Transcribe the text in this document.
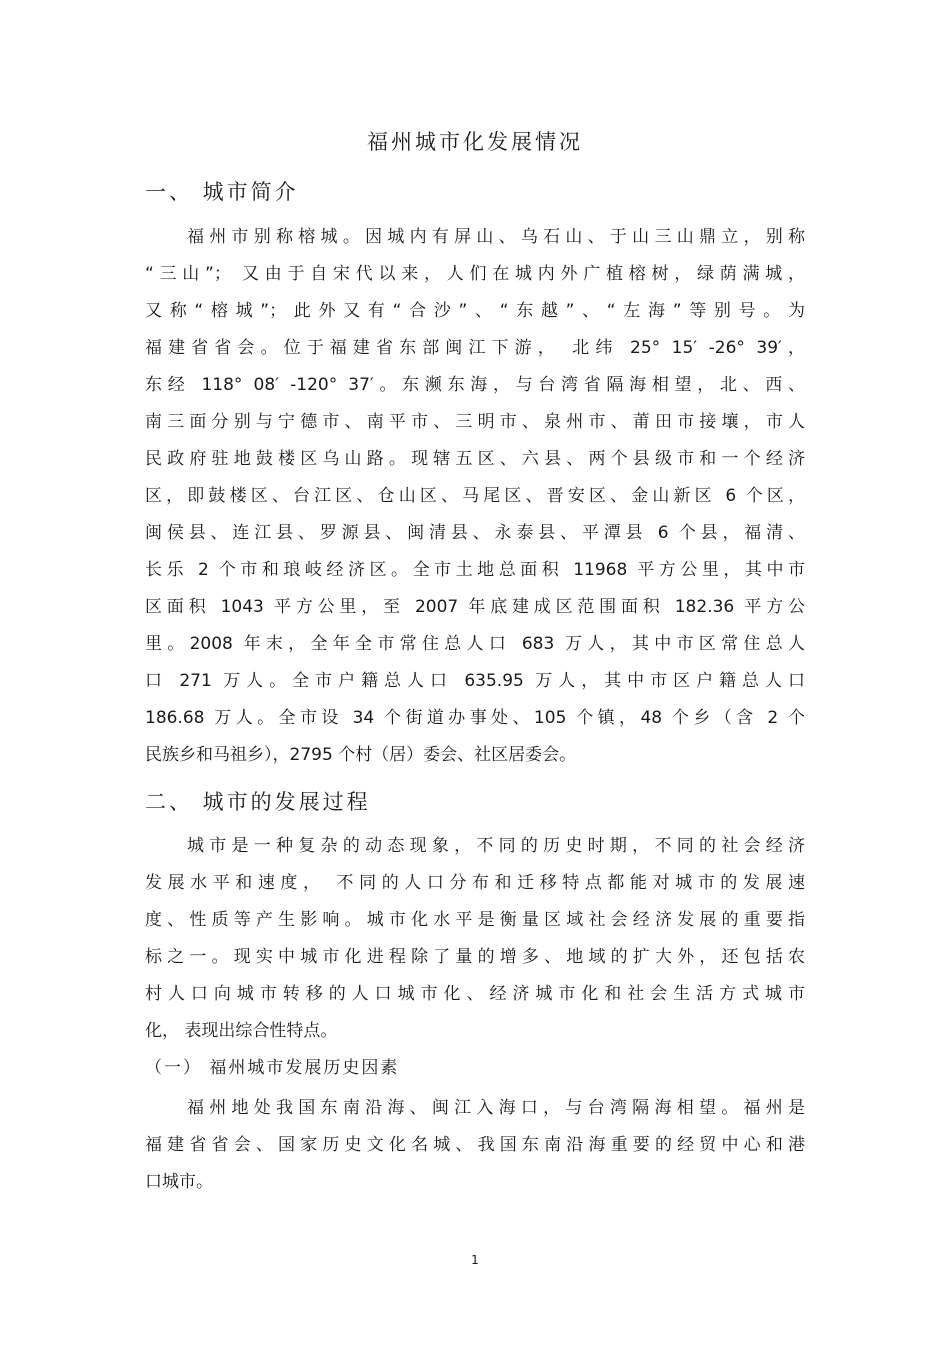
福州城市化发展情况
一、 城市简介
福州市别称榕城。因城内有屏山、乌石山、于山三山鼎立，别称
“三山”； 又由于自宋代以来，人们在城内外广植榕树，绿荫满城，
又称“榕城”；此外又有“合沙”、“东越”、“左海”等别号。为
福建省省会。位于福建省东部闽江下游， 北纬 25° 15′ -26° 39′，
东经 118° 08′ -120° 37′。东濒东海，与台湾省隔海相望，北、西、
南三面分别与宁德市、南平市、三明市、泉州市、莆田市接壤，市人
民政府驻地鼓楼区乌山路。现辖五区、六县、两个县级市和一个经济
区，即鼓楼区、台江区、仓山区、马尾区、晋安区、金山新区 6 个区，
闽侯县、连江县、罗源县、闽清县、永泰县、平潭县 6 个县，福清、
长乐 2 个市和琅岐经济区。全市土地总面积 11968 平方公里，其中市
区面积 1043 平方公里，至 2007 年底建成区范围面积 182.36 平方公
里。2008 年末，全年全市常住总人口 683 万人，其中市区常住总人
口 271 万人。全市户籍总人口 635.95 万人，其中市区户籍总人口
186.68 万人。全市设 34 个街道办事处、105 个镇，48 个乡（含 2 个
民族乡和马祖乡），2795 个村（居）委会、社区居委会。
二、 城市的发展过程
城市是一种复杂的动态现象，不同的历史时期，不同的社会经济
发展水平和速度， 不同的人口分布和迁移特点都能对城市的发展速
度、性质等产生影响。城市化水平是衡量区域社会经济发展的重要指
标之一。现实中城市化进程除了量的增多、地域的扩大外，还包括农
村人口向城市转移的人口城市化、经济城市化和社会生活方式城市
化， 表现出综合性特点。
（一） 福州城市发展历史因素
福州地处我国东南沿海、闽江入海口，与台湾隔海相望。福州是
福建省省会、国家历史文化名城、我国东南沿海重要的经贸中心和港
口城市。
1
